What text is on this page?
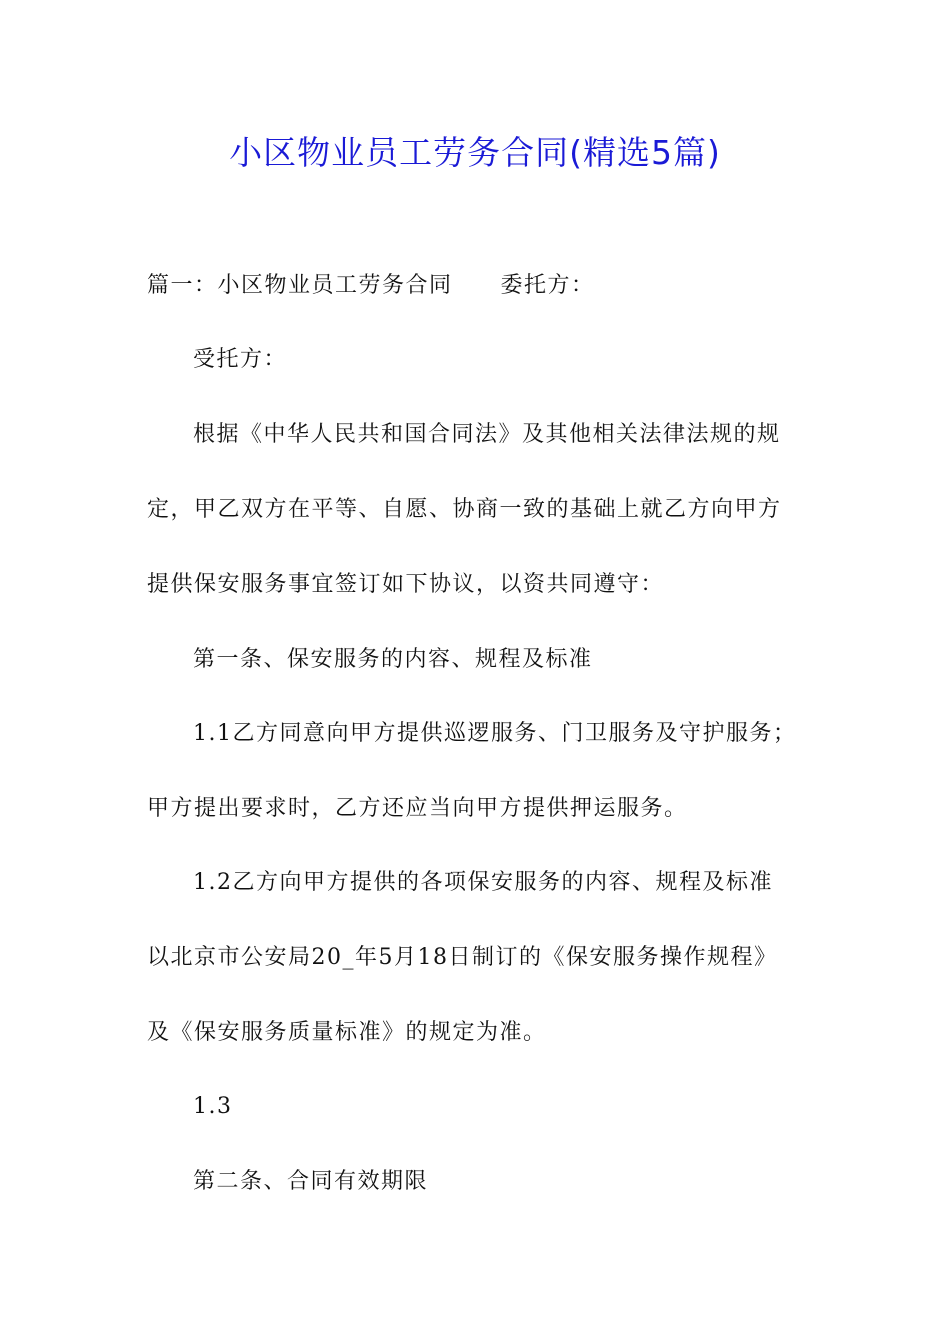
小区物业员工劳务合同(精选5篇)
篇一：小区物业员工劳务合同 委托方：
受托方：
根据《中华人民共和国合同法》及其他相关法律法规的规
定，甲乙双方在平等、自愿、协商一致的基础上就乙方向甲方
提供保安服务事宜签订如下协议，以资共同遵守：
第一条、保安服务的内容、规程及标准
1.1乙方同意向甲方提供巡逻服务、门卫服务及守护服务；
甲方提出要求时，乙方还应当向甲方提供押运服务。
1.2乙方向甲方提供的各项保安服务的内容、规程及标准
以北京市公安局20_年5月18日制订的《保安服务操作规程》
及《保安服务质量标准》的规定为准。
1.3
第二条、合同有效期限
